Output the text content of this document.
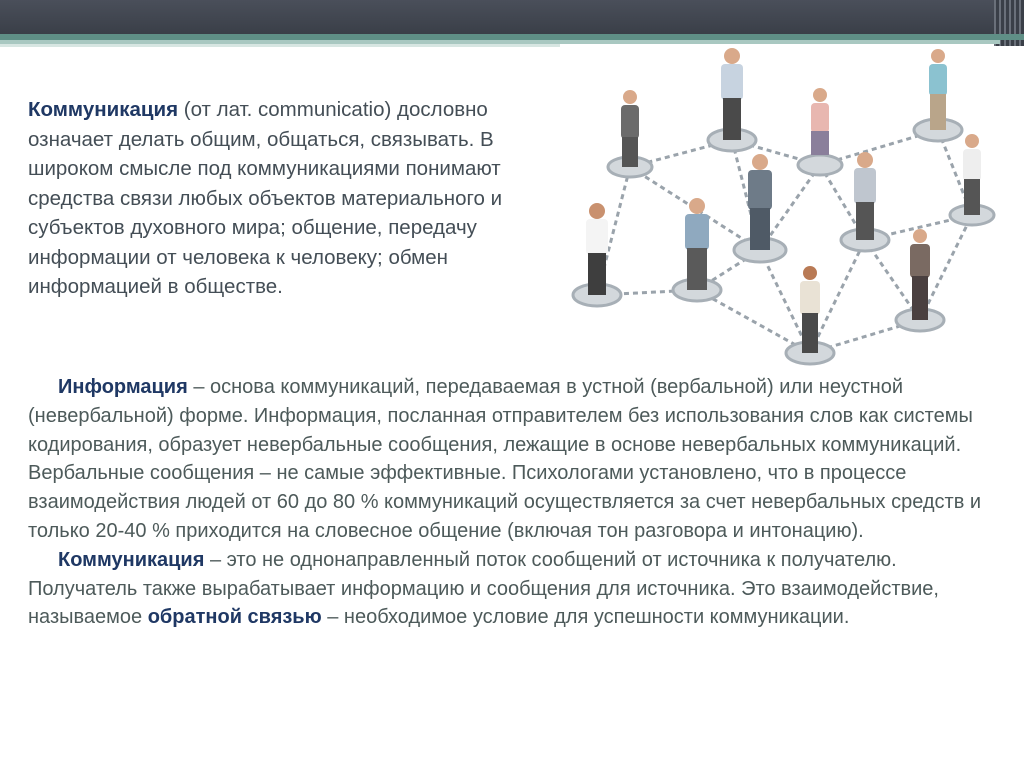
Коммуникация (от лат. communicatio) дословно означает делать общим, общаться, связывать. В широком смысле под коммуникациями понимают средства связи любых объектов материального и субъектов духовного мира; общение, передачу информации от человека к человеку; обмен информацией в обществе.
Информация – основа коммуникаций, передаваемая в устной (вербальной) или неустной (невербальной) форме. Информация, посланная отправителем без использования слов как системы кодирования, образует невербальные сообщения, лежащие в основе невербальных коммуникаций. Вербальные сообщения – не самые эффективные. Психологами установлено, что в процессе взаимодействия людей от 60 до 80 % коммуникаций осуществляется за счет невербальных средств и только 20-40 % приходится на словесное общение (включая тон разговора и интонацию).
Коммуникация – это не однонаправленный поток сообщений от источника к получателю. Получатель также вырабатывает информацию и сообщения для источника. Это взаимодействие, называемое обратной связью – необходимое условие для успешности коммуникации.
